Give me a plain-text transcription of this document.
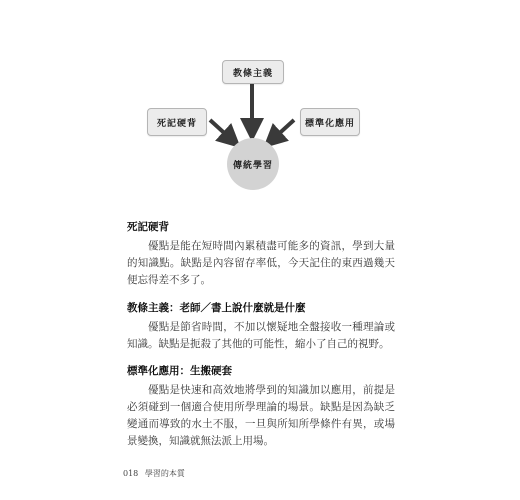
教條主義
死記硬背	標準化應用
傳統學習
死記硬背

優點是能在短時間內累積盡可能多的資訊，學到大量的知識點。缺點是內容留存率低，今天記住的東西過幾天便忘得差不多了。

教條主義：老師／書上說什麼就是什麼

優點是節省時間，不加以懷疑地全盤接收一種理論或知識。缺點是扼殺了其他的可能性，縮小了自己的視野。

標準化應用：生搬硬套

優點是快速和高效地將學到的知識加以應用，前提是必須碰到一個適合使用所學理論的場景。缺點是因為缺乏變通而導致的水土不服，一旦與所知所學條件有異，或場景變換，知識就無法派上用場。

018 學習的本質
